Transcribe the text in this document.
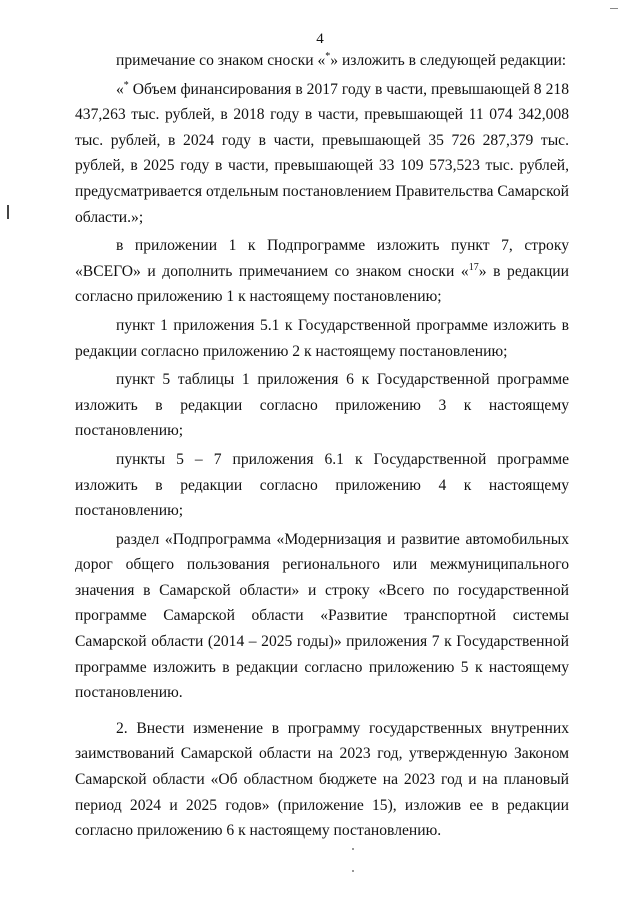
4

примечание со знаком сноски «*» изложить в следующей редакции:

«* Объем финансирования в 2017 году в части, превышающей 8 218 437,263 тыс. рублей, в 2018 году в части, превышающей 11 074 342,008 тыс. рублей, в 2024 году в части, превышающей 35 726 287,379 тыс. рублей, в 2025 году в части, превышающей 33 109 573,523 тыс. рублей, предусматривается отдельным постановлением Правительства Самарской области.»;

в приложении 1 к Подпрограмме изложить пункт 7, строку «ВСЕГО» и дополнить примечанием со знаком сноски «$^{17}$» в редакции согласно приложению 1 к настоящему постановлению;

пункт 1 приложения 5.1 к Государственной программе изложить в редакции согласно приложению 2 к настоящему постановлению;

пункт 5 таблицы 1 приложения 6 к Государственной программе изложить в редакции согласно приложению 3 к настоящему постановлению;

пункты 5 – 7 приложения 6.1 к Государственной программе изложить в редакции согласно приложению 4 к настоящему постановлению;

раздел «Подпрограмма «Модернизация и развитие автомобильных дорог общего пользования регионального или межмуниципального значения в Самарской области» и строку «Всего по государственной программе Самарской области «Развитие транспортной системы Самарской области (2014 – 2025 годы)» приложения 7 к Государственной программе изложить в редакции согласно приложению 5 к настоящему постановлению.

2. Внести изменение в программу государственных внутренних заимствований Самарской области на 2023 год, утвержденную Законом Самарской области «Об областном бюджете на 2023 год и на плановый период 2024 и 2025 годов» (приложение 15), изложив ее в редакции согласно приложению 6 к настоящему постановлению.
